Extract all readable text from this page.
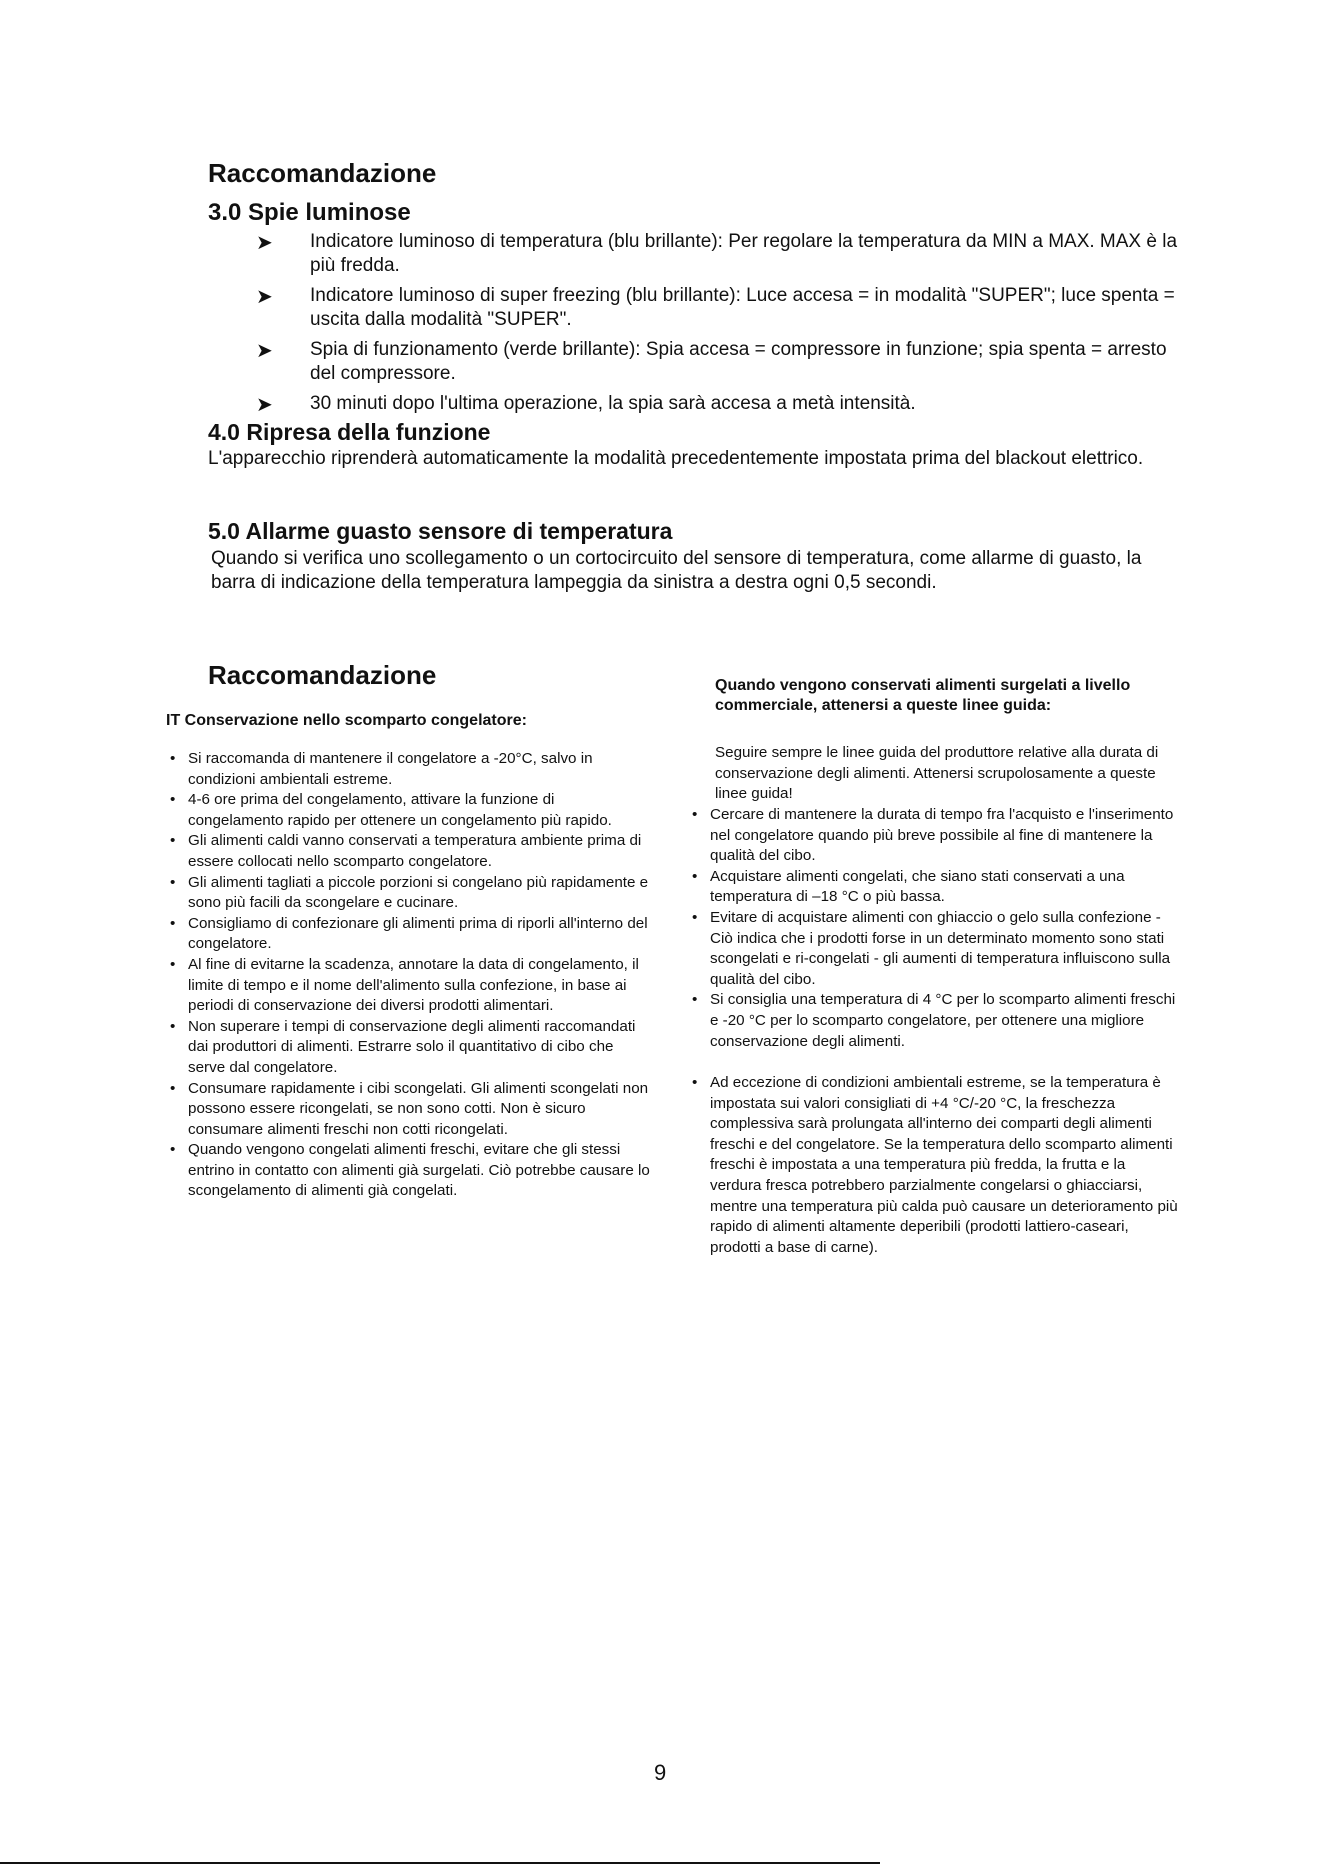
Raccomandazione
3.0 Spie luminose
➤ Indicatore luminoso di temperatura (blu brillante): Per regolare la temperatura da MIN a MAX. MAX è la più fredda.
➤ Indicatore luminoso di super freezing (blu brillante): Luce accesa = in modalità "SUPER"; luce spenta = uscita dalla modalità "SUPER".
➤ Spia di funzionamento (verde brillante): Spia accesa = compressore in funzione; spia spenta = arresto del compressore.
➤ 30 minuti dopo l'ultima operazione, la spia sarà accesa a metà intensità.
4.0 Ripresa della funzione

L'apparecchio riprenderà automaticamente la modalità precedentemente impostata prima del blackout elettrico.

5.0 Allarme guasto sensore di temperatura

Quando si verifica uno scollegamento o un cortocircuito del sensore di temperatura, come allarme di guasto, la barra di indicazione della temperatura lampeggia da sinistra a destra ogni 0,5 secondi.

Raccomandazione

IT Conservazione nello scomparto congelatore:

• Si raccomanda di mantenere il congelatore a -20°C, salvo in condizioni ambientali estreme.
• 4-6 ore prima del congelamento, attivare la funzione di congelamento rapido per ottenere un congelamento più rapido.
• Gli alimenti caldi vanno conservati a temperatura ambiente prima di essere collocati nello scomparto congelatore.
• Gli alimenti tagliati a piccole porzioni si congelano più rapidamente e sono più facili da scongelare e cucinare.
• Consigliamo di confezionare gli alimenti prima di riporli all'interno del congelatore.
• Al fine di evitarne la scadenza, annotare la data di congelamento, il limite di tempo e il nome dell'alimento sulla confezione, in base ai periodi di conservazione dei diversi prodotti alimentari.
• Non superare i tempi di conservazione degli alimenti raccomandati dai produttori di alimenti. Estrarre solo il quantitativo di cibo che serve dal congelatore.
• Consumare rapidamente i cibi scongelati. Gli alimenti scongelati non possono essere ricongelati, se non sono cotti. Non è sicuro consumare alimenti freschi non cotti ricongelati.
• Quando vengono congelati alimenti freschi, evitare che gli stessi entrino in contatto con alimenti già surgelati. Ciò potrebbe causare lo scongelamento di alimenti già congelati.

Quando vengono conservati alimenti surgelati a livello commerciale, attenersi a queste linee guida:

Seguire sempre le linee guida del produttore relative alla durata di conservazione degli alimenti. Attenersi scrupolosamente a queste linee guida!

• Cercare di mantenere la durata di tempo fra l'acquisto e l'inserimento nel congelatore quando più breve possibile al fine di mantenere la qualità del cibo.
• Acquistare alimenti congelati, che siano stati conservati a una temperatura di –18 °C o più bassa.
• Evitare di acquistare alimenti con ghiaccio o gelo sulla confezione - Ciò indica che i prodotti forse in un determinato momento sono stati scongelati e ri-congelati - gli aumenti di temperatura influiscono sulla qualità del cibo.
• Si consiglia una temperatura di 4 °C per lo scomparto alimenti freschi e -20 °C per lo scomparto congelatore, per ottenere una migliore conservazione degli alimenti.
• Ad eccezione di condizioni ambientali estreme, se la temperatura è impostata sui valori consigliati di +4 °C/-20 °C, la freschezza complessiva sarà prolungata all'interno dei comparti degli alimenti freschi e del congelatore. Se la temperatura dello scomparto alimenti freschi è impostata a una temperatura più fredda, la frutta e la verdura fresca potrebbero parzialmente congelarsi o ghiacciarsi, mentre una temperatura più calda può causare un deterioramento più rapido di alimenti altamente deperibili (prodotti lattiero-caseari, prodotti a base di carne).
9
